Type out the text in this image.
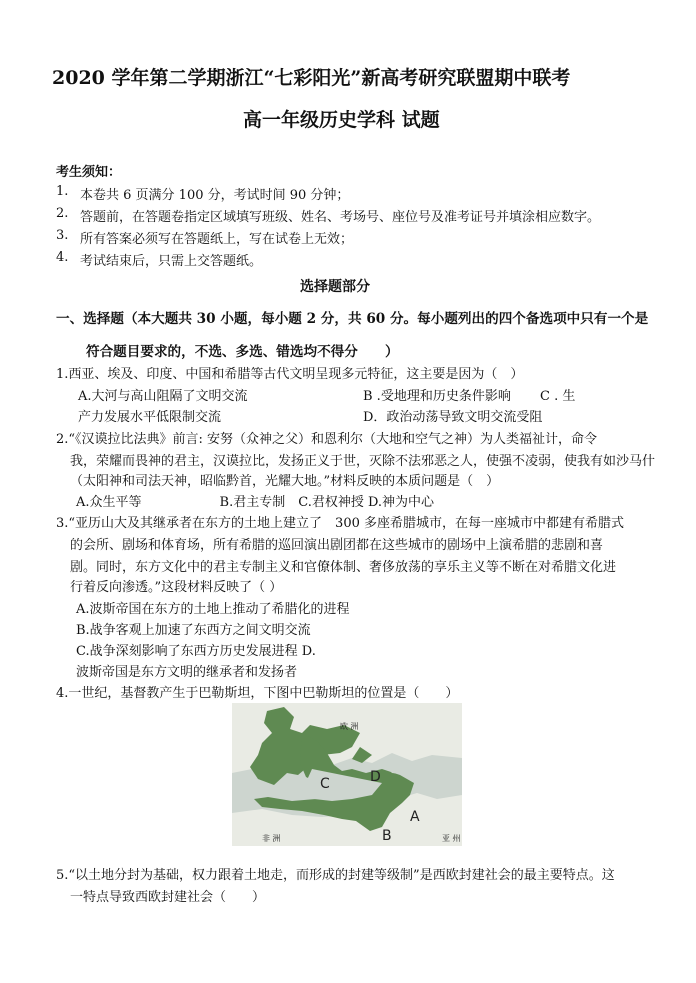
2020 学年第二学期浙江“七彩阳光”新高考研究联盟期中联考
高一年级历史学科 试题
考生须知：
1. 本卷共 6 页满分 100 分，考试时间 90 分钟；
2. 答题前，在答题卷指定区域填写班级、姓名、考场号、座位号及准考证号并填涂相应数字。
3. 所有答案必须写在答题纸上，写在试卷上无效；
4. 考试结束后，只需上交答题纸。
选择题部分
一、选择题（本大题共 30 小题，每小题 2 分，共 60 分。每小题列出的四个备选项中只有一个是
符合题目要求的，不选、多选、错选均不得分　　）
1.西亚、埃及、印度、中国和希腊等古代文明呈现多元特征，这主要是因为（　）
A.大河与高山阻隔了文明交流	B .受地理和历史条件影响 C . 生
产力发展水平低限制交流	D．政治动荡导致文明交流受阻
2.“《汉谟拉比法典》前言: 安努（众神之父）和恩利尔（大地和空气之神）为人类福祉计，命令
我，荣耀而畏神的君主，汉谟拉比，发扬正义于世，灭除不法邪恶之人，使强不凌弱，使我有如沙马什
（太阳神和司法天神，昭临黔首，光耀大地。”材料反映的本质问题是（　）
A.众生平等　　　　　　B.君主专制　C.君权神授 D.神为中心
3.“亚历山大及其继承者在东方的土地上建立了　300 多座希腊城市，在每一座城市中都建有希腊式
的会所、剧场和体育场，所有希腊的巡回演出剧团都在这些城市的剧场中上演希腊的悲剧和喜
剧。同时，东方文化中的君主专制主义和官僚体制、奢侈放荡的享乐主义等不断在对希腊文化进
行着反向渗透。”这段材料反映了（ ）
A.波斯帝国在东方的土地上推动了希腊化的进程
B.战争客观上加速了东西方之间文明交流
C.战争深刻影响了东西方历史发展进程 D.
波斯帝国是东方文明的继承者和发扬者
4.一世纪，基督教产生于巴勒斯坦，下图中巴勒斯坦的位置是（　　）
欧 洲
非 洲	亚 州
C	D
A
B
5.“以土地分封为基础，权力跟着土地走，而形成的封建等级制”是西欧封建社会的最主要特点。这
一特点导致西欧封建社会（　　）
